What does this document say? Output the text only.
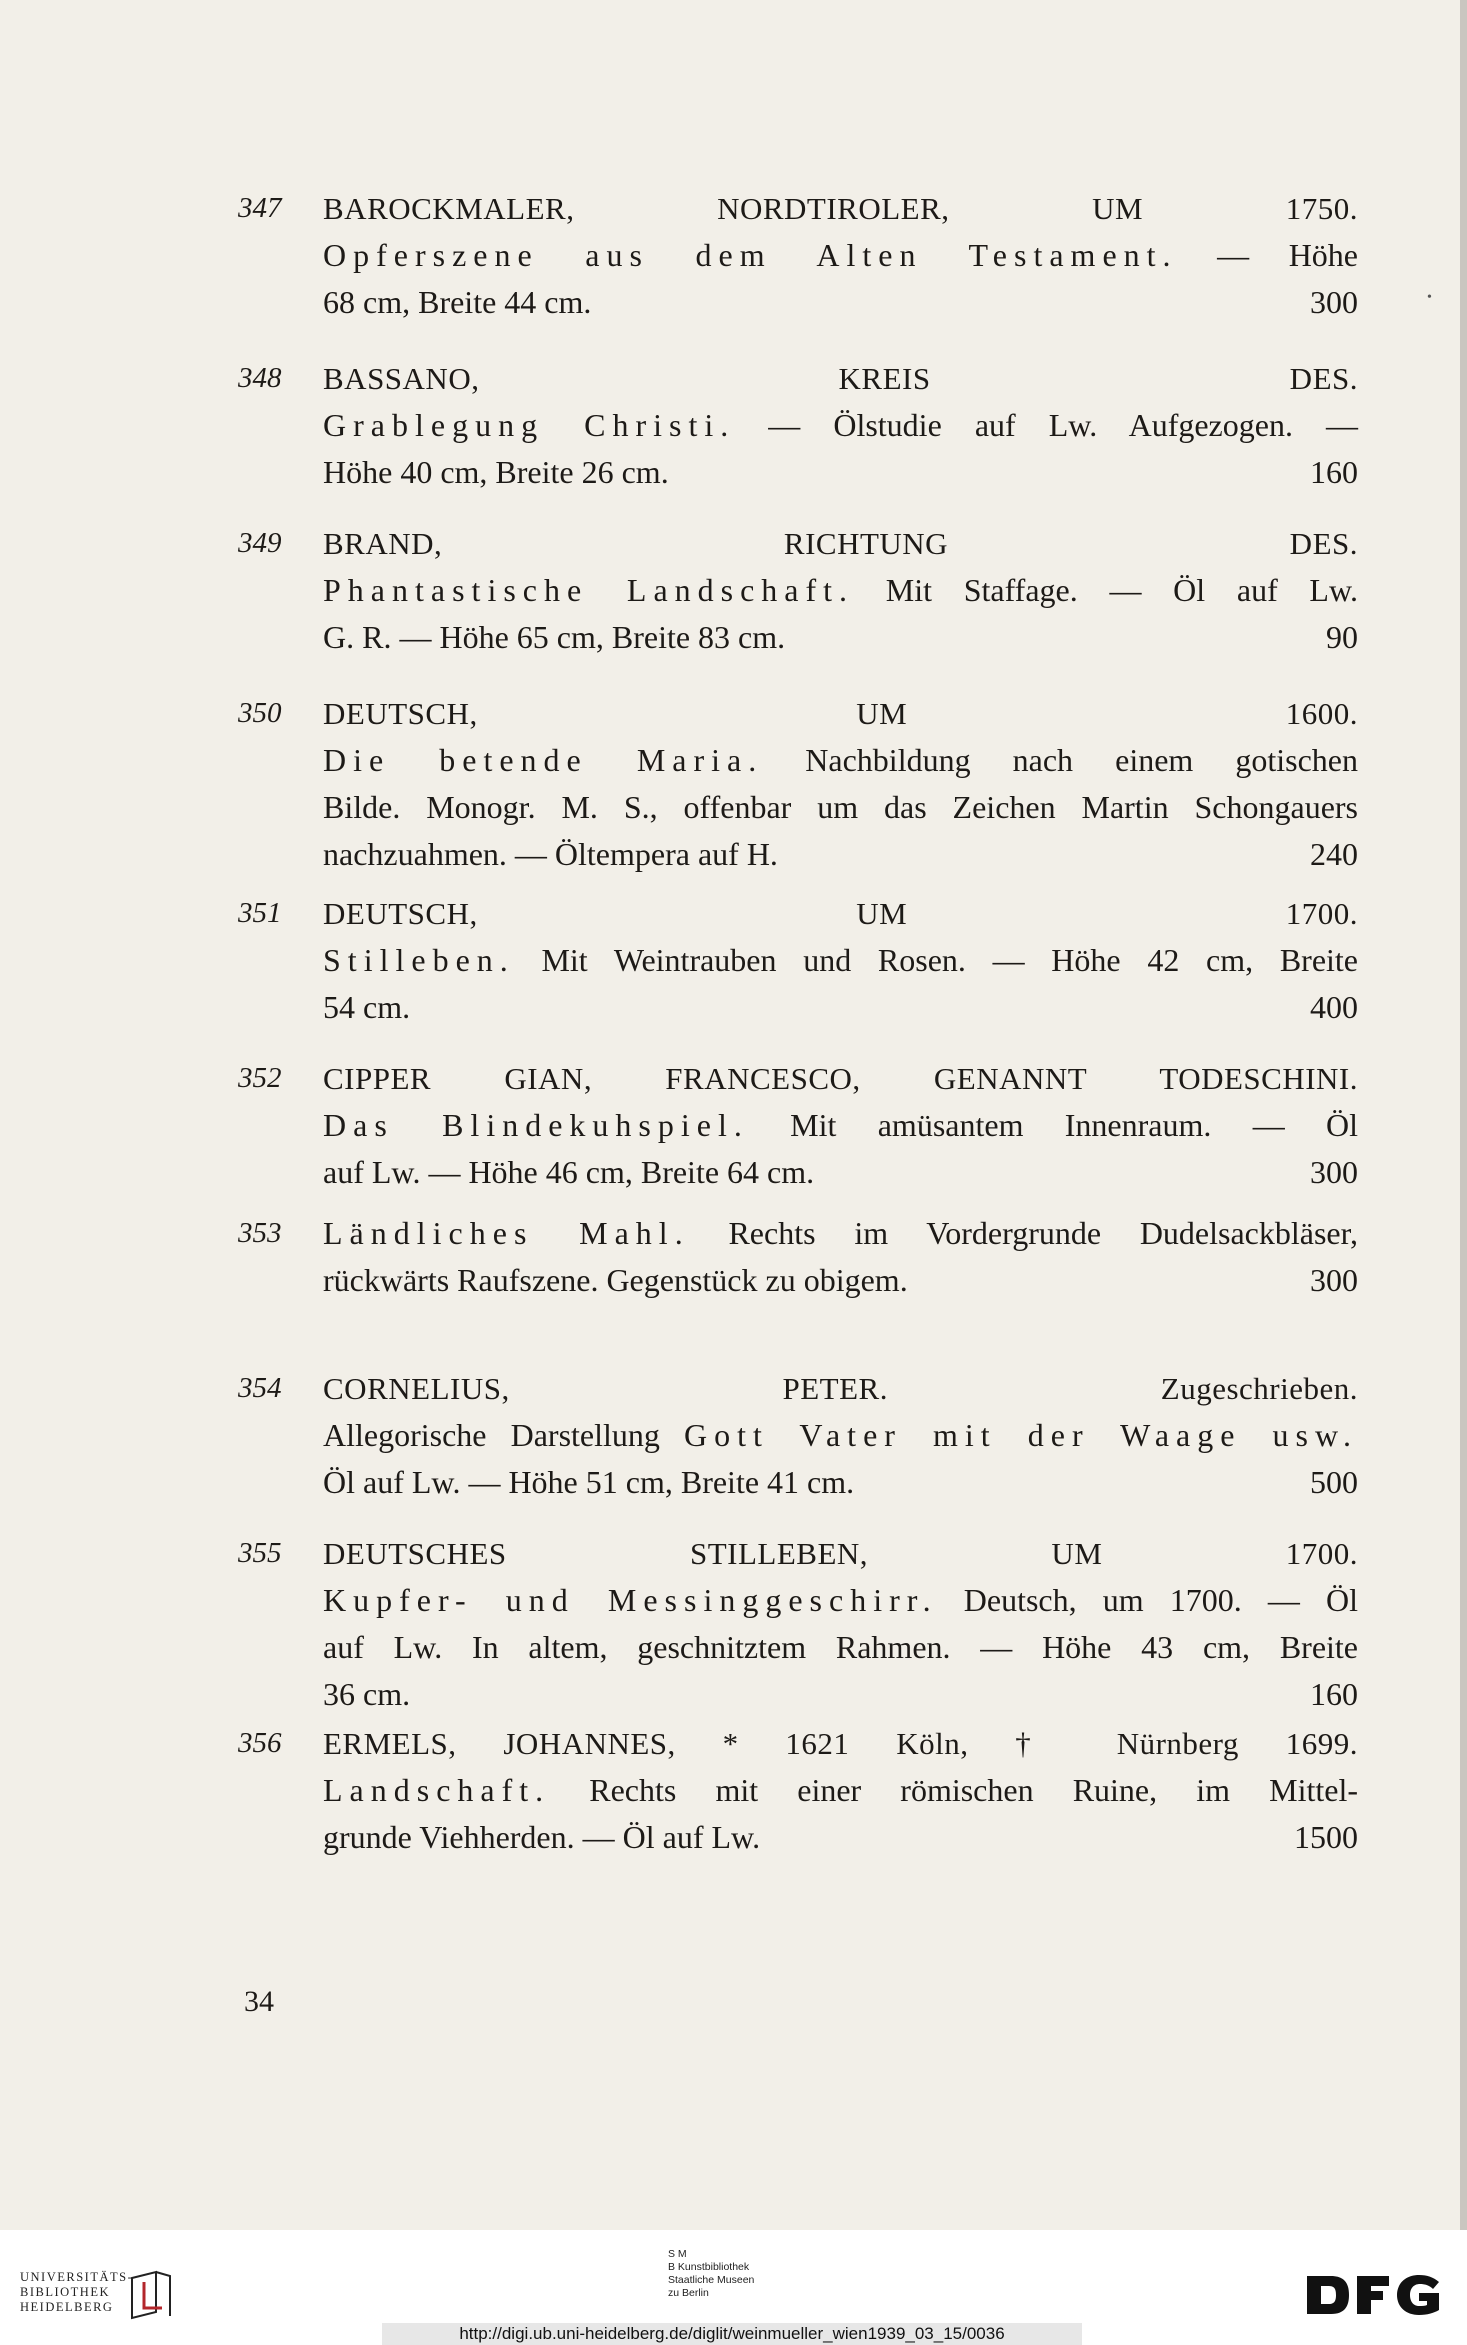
347 BAROCKMALER, NORDTIROLER, UM 1750.
Opferszene aus dem Alten Testament. — Höhe
68 cm, Breite 44 cm.	300
348 BASSANO, KREIS DES.
Grablegung Christi. — Ölstudie auf Lw. Aufgezogen. —
Höhe 40 cm, Breite 26 cm.	160
349 BRAND, RICHTUNG DES.
Phantastische Landschaft. Mit Staffage. — Öl auf Lw.
G. R. — Höhe 65 cm, Breite 83 cm.	90
350 DEUTSCH, UM 1600.
Die betende Maria. Nachbildung nach einem gotischen
Bilde. Monogr. M. S., offenbar um das Zeichen Martin Schongauers
nachzuahmen. — Öltempera auf H.	240
351 DEUTSCH, UM 1700.
Stilleben. Mit Weintrauben und Rosen. — Höhe 42 cm, Breite
54 cm.	400
352 CIPPER GIAN, FRANCESCO, GENANNT TODESCHINI.
Das Blindekuhspiel. Mit amüsantem Innenraum. — Öl
auf Lw. — Höhe 46 cm, Breite 64 cm.	300
353 Ländliches Mahl. Rechts im Vordergrunde Dudelsackbläser,
rückwärts Raufszene. Gegenstück zu obigem.	300
354 CORNELIUS, PETER. Zugeschrieben.
Allegorische Darstellung Gott Vater mit der Waage usw.
Öl auf Lw. — Höhe 51 cm, Breite 41 cm.	500
355 DEUTSCHES STILLEBEN, UM 1700.
Kupfer- und Messinggeschirr. Deutsch, um 1700. — Öl
auf Lw. In altem, geschnitztem Rahmen. — Höhe 43 cm, Breite
36 cm.	160
356 ERMELS, JOHANNES, * 1621 Köln, † Nürnberg 1699.
Landschaft. Rechts mit einer römischen Ruine, im Mittel-
grunde Viehherden. — Öl auf Lw.	1500
•
34
UNIVERSITÄTS-
BIBLIOTHEK
HEIDELBERG
S M
B Kunstbibliothek
Staatliche Museen
zu Berlin
http://digi.ub.uni-heidelberg.de/diglit/weinmueller_wien1939_03_15/0036
